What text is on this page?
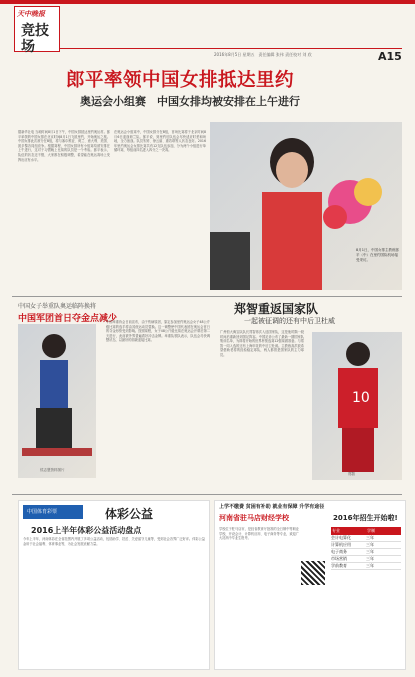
天中晚报
竞技场	2016年8月5日 星期五　责任编辑 张伟 责任校对 刘 欣	A15
郎平率领中国女排抵达里约
奥运会小组赛　中国女排均被安排在上午进行
据新华社电 当地时间8月1日下午，中国女排抵达里约奥运村。郎平率领的中国女排在北京时间8月1日飞抵里约，开始奥运之旅。中国女排此次被分在B组，将与塞尔维亚、荷兰、意大利、美国、波多黎各同组竞争。根据赛程，中国女排所有小组赛均被安排在上午进行，这对于习惯晚上比赛的队员是一个考验。郎平表示，队伍的状态还不错，大家都在积极调整，希望能在奥运赛场上发挥出应有水平。
在奥运会小组赛中，中国女排分在B组，首场比赛将于北京时间8月6日迎战荷兰队。郎平说，到里约后队伍会尽快适应时差和场地，全力备战。队员朱婷、徐云丽、惠若琪等人状态良好。2016年里约奥运会女排比赛共有12支队伍参加，分为两个小组进行单循环赛，每组前四名进入四分之一决赛。
8月1日，中国女排主教练郎平（中）在里约国际机场接受采访。
中国女子举重队奥运临阵换将
中国军团首日夺金点减少
侯志慧资料图片
中国举重协会日前宣布，由于伤病原因，原定参加里约奥运会女子48公斤级比赛的选手将由其他运动员替换。这一调整使中国代表团在奥运会首日的夺金形势受到影响。按照赛程，女子48公斤级比赛在奥运会开幕后第二天进行，此前被外界普遍看好冲击金牌。举重队领队表示，队伍会尽快调整状态，以最好的面貌迎接比赛。
郑智重返国家队
一起被征调的还有中后卫杜威
广州恒大淘宝队队长郑智再次入选国家队，这是他时隔一段时间后重新回到国足阵容。中国足协公布了最新一期国家队集训名单，为即将开始的世界杯预选赛12强赛做准备。与郑智一同入选的还有上海申花的中后卫杜威。主教练高洪波希望借助老将的经验稳定球队，两人都曾是国家队的主力球员。
10
郑智
中国体育彩票	体彩公益
2016上半年体彩公益活动盘点
今年上半年，河南体彩在全省范围内开展了多项公益活动，包括助学、扶贫、关爱留守儿童等，受到社会各界广泛好评。体彩公益金用于社会福利、体育事业等，为社会发展贡献力量。
上学不缴费 贫困有补助 就业有保障 升学有途径
河南省驻马店财经学校	2016年招生开始啦!
学校位于驻马店市，是经省教育厅批准的全日制中等职业学校，开设会计、计算机应用、电子商务等专业，欢迎广大初高中毕业生报考。
专业	学制
会计电算化	三年
计算机应用	三年
电子商务	三年
市场营销	三年
学前教育	三年
